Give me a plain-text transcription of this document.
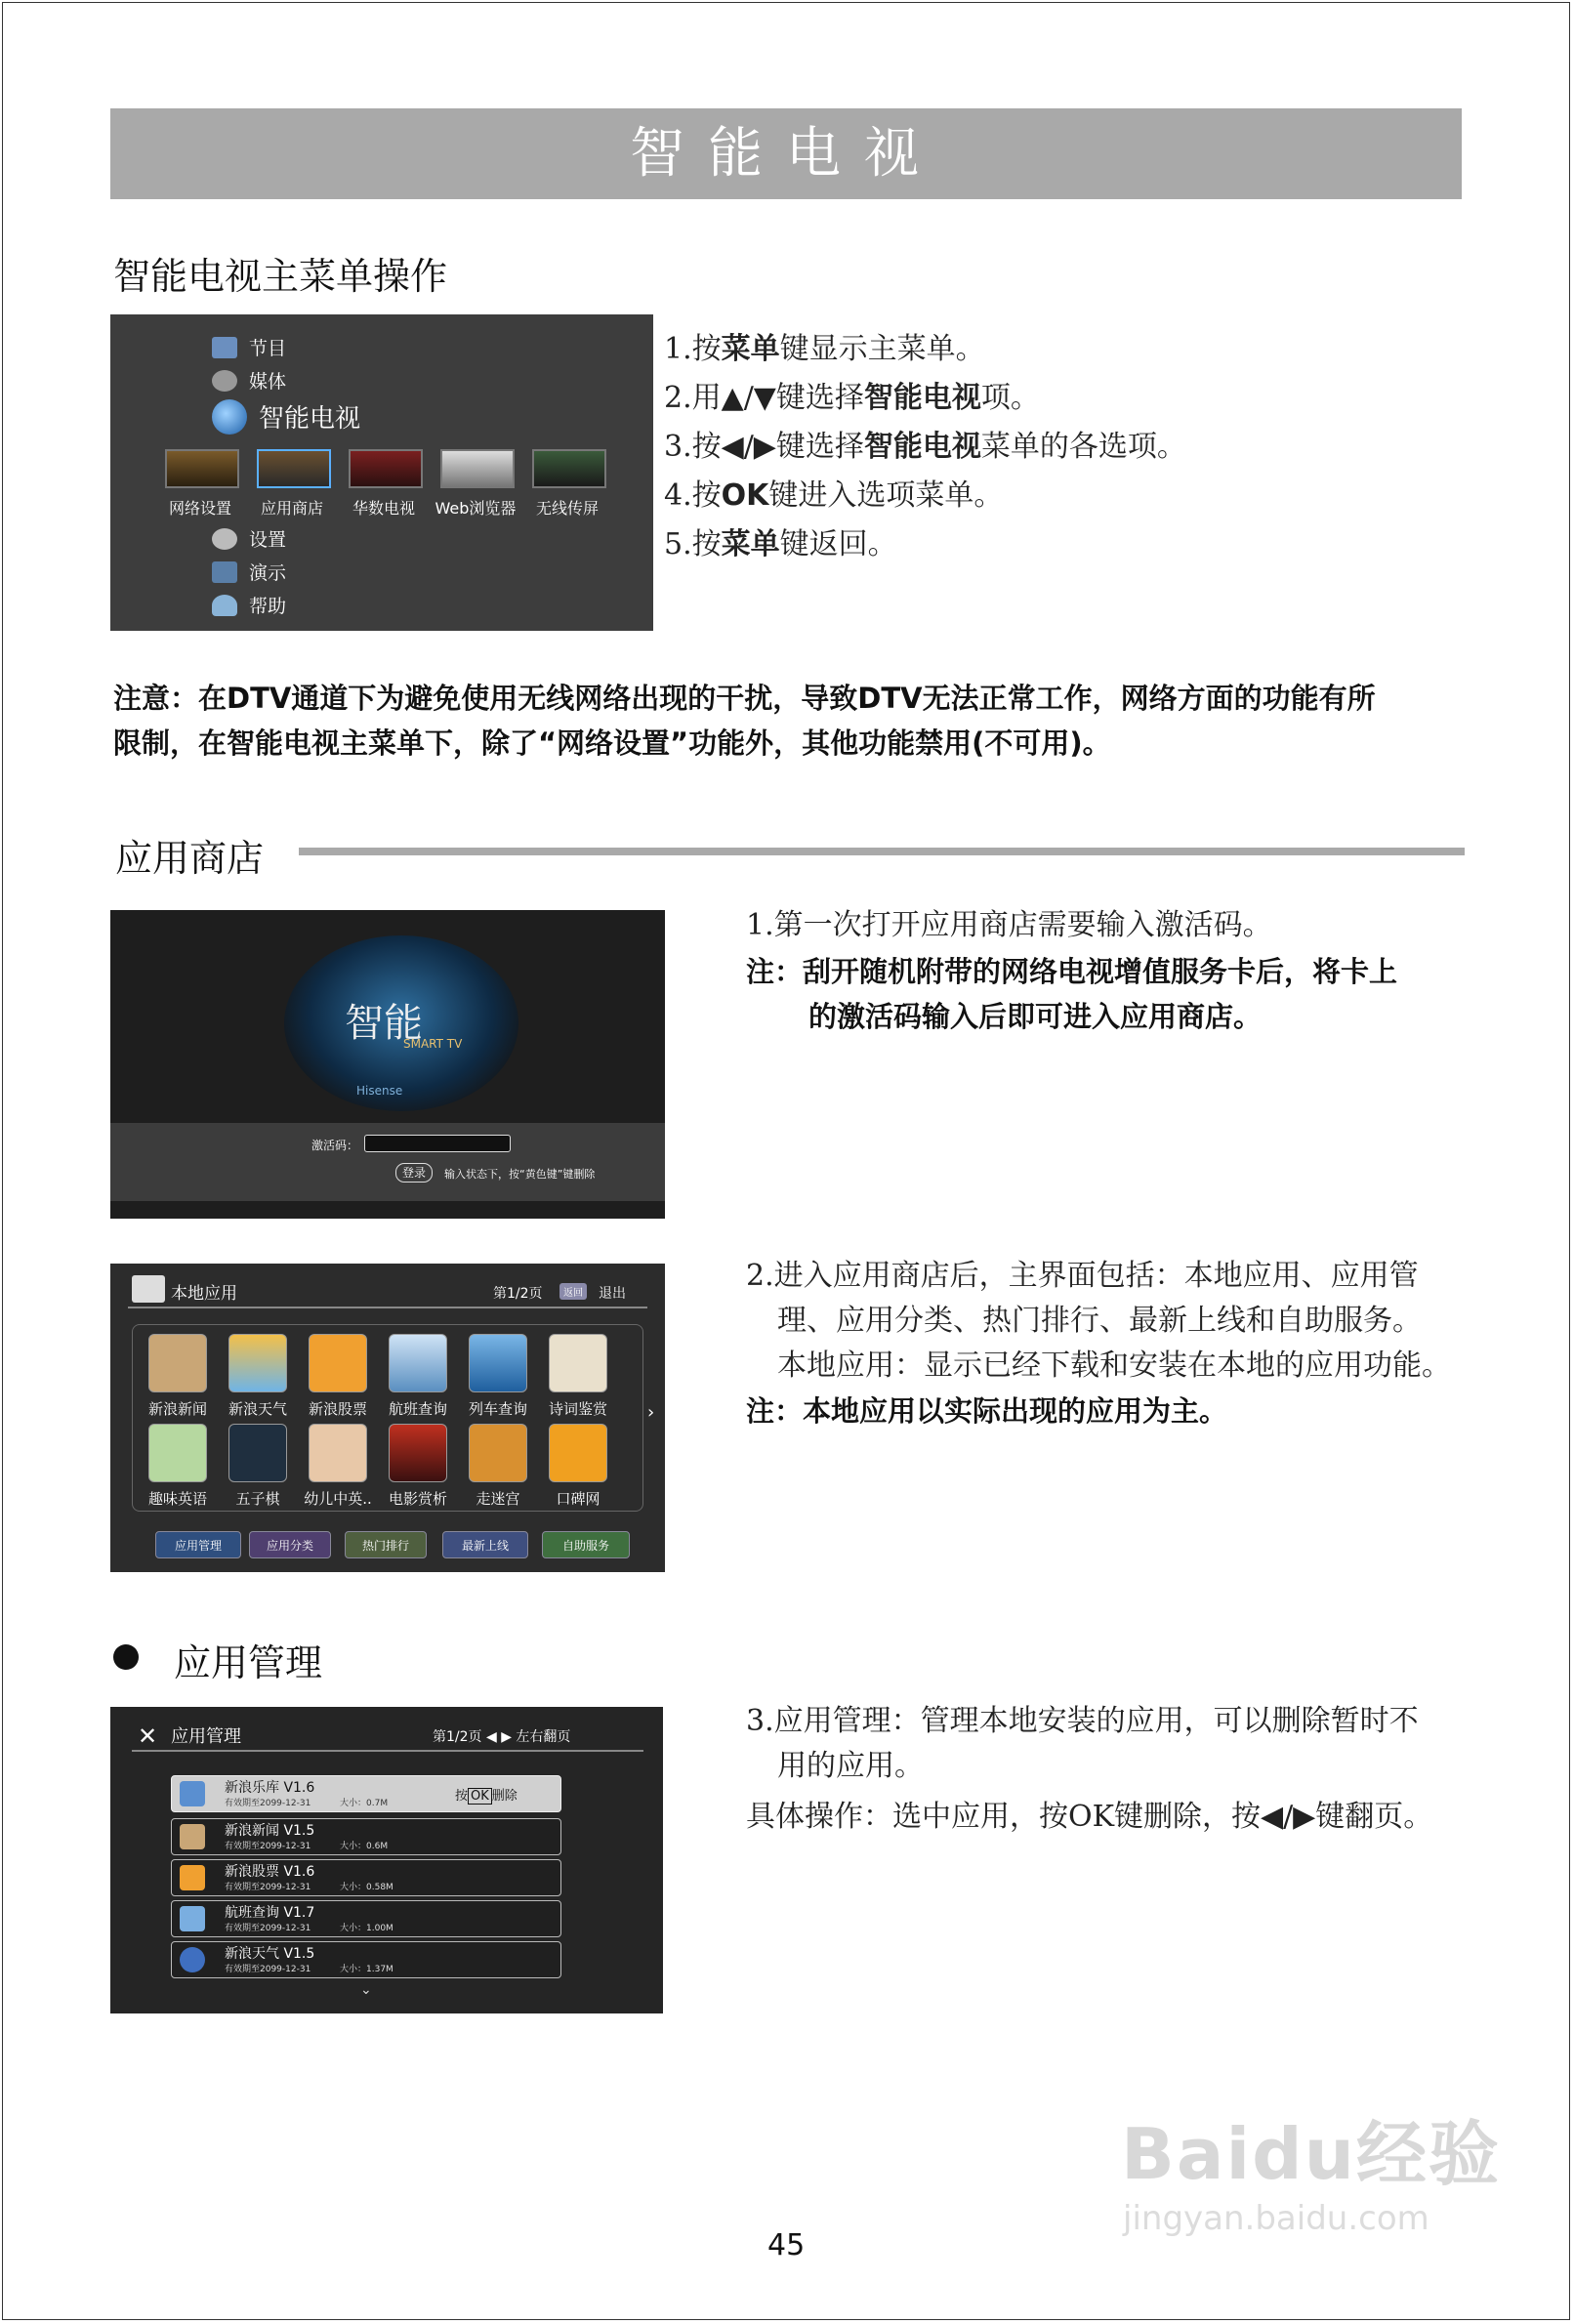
智能电视
智能电视主菜单操作
节目
媒体
智能电视
网络设置	应用商店	华数电视	Web浏览器	无线传屏
设置
演示
帮助
1.按菜单键显示主菜单。
2.用▲/▼键选择智能电视项。
3.按◀/▶键选择智能电视菜单的各选项。
4.按OK键进入选项菜单。
5.按菜单键返回。
注意：在DTV通道下为避免使用无线网络出现的干扰，导致DTV无法正常工作，网络方面的功能有所
限制，在智能电视主菜单下，除了“网络设置”功能外，其他功能禁用(不可用)。
应用商店
智能
SMART TV
Hisense
激活码：
登录	输入状态下，按“黄色键”键删除
1.第一次打开应用商店需要输入激活码。
注：刮开随机附带的网络电视增值服务卡后，将卡上
的激活码输入后即可进入应用商店。
本地应用	第1/2页	返回 退出
新浪新闻	新浪天气	新浪股票	航班查询	列车查询	诗词鉴赏
趣味英语	五子棋	幼儿中英..	电影赏析	走迷宫	口碑网
›
应用管理	应用分类	热门排行	最新上线	自助服务
2.进入应用商店后，主界面包括：本地应用、应用管
理、应用分类、热门排行、最新上线和自助服务。
本地应用：显示已经下载和安装在本地的应用功能。
注：本地应用以实际出现的应用为主。
应用管理
✕ 应用管理	第1/2页 ◀ ▶ 左右翻页
新浪乐库 V1.6
有效期至2099-12-31	大小：0.7M	按 OK 删除
新浪新闻 V1.5
有效期至2099-12-31	大小：0.6M
新浪股票 V1.6
有效期至2099-12-31	大小：0.58M
航班查询 V1.7
有效期至2099-12-31	大小：1.00M
新浪天气 V1.5
有效期至2099-12-31	大小：1.37M
⌄
3.应用管理：管理本地安装的应用，可以删除暂时不
用的应用。
具体操作：选中应用，按OK键删除，按◀/▶键翻页。
Baidu经验
jingyan.baidu.com
45
